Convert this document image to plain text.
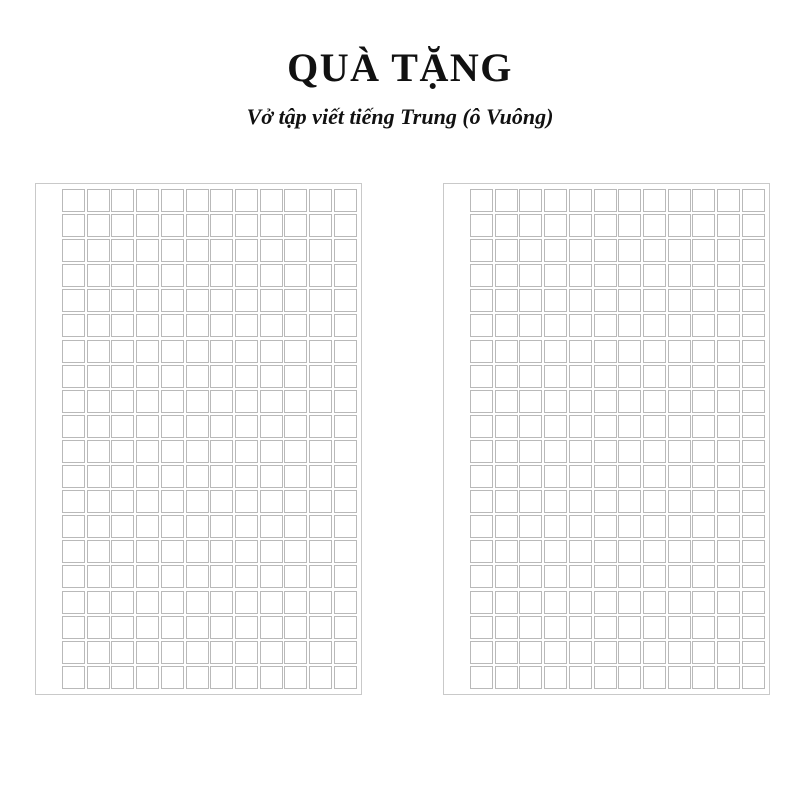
QUÀ TẶNG

Vở tập viết tiếng Trung (ô Vuông)
